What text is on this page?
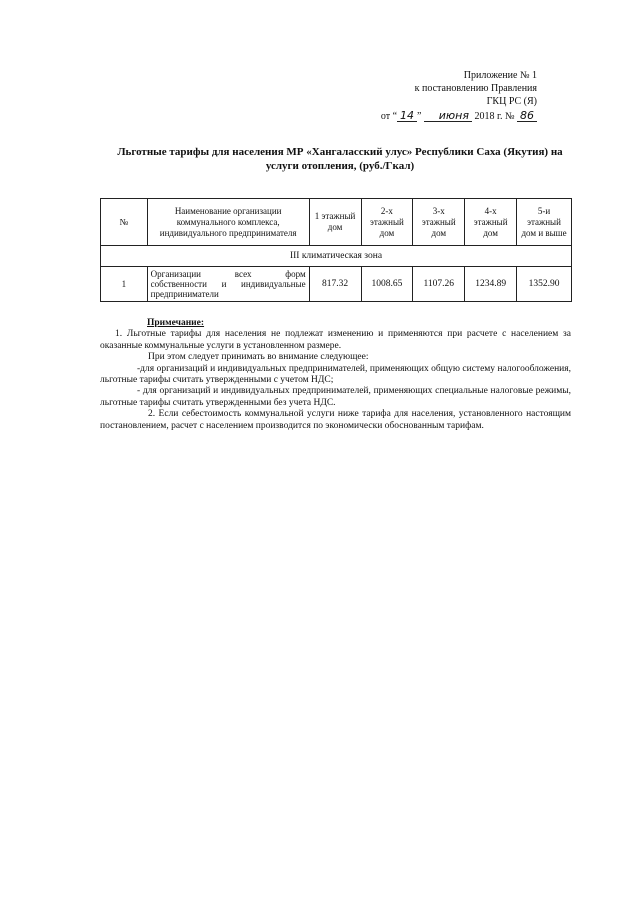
Приложение № 1
к постановлению Правления
ГКЦ РС (Я)
от “ 14 ” июня 2018 г. № 86
Льготные тарифы для населения МР «Хангаласский улус» Республики Саха (Якутия) на
услуги отопления, (руб./Гкал)
№	Наименование организации коммунального комплекса, индивидуального предпринимателя	1 этажный дом	2-х этажный дом	3-х этажный дом	4-х этажный дом	5-и этажный дом и выше
III климатическая зона						
1	Организации всех форм
собственности и индивидуальные
предприниматели	817.32	1008.65	1107.26	1234.89	1352.90

Примечание:

1. Льготные тарифы для населения не подлежат изменению и применяются при расчете с населением за оказанные коммунальные услуги в установленном размере.

При этом следует принимать во внимание следующее:

-для организаций и индивидуальных предпринимателей, применяющих общую систему налогообложения, льготные тарифы считать утвержденными с учетом НДС;

- для организаций и индивидуальных предпринимателей, применяющих специальные налоговые режимы, льготные тарифы считать утвержденными без учета НДС.

2. Если себестоимость коммунальной услуги ниже тарифа для населения, установленного настоящим постановлением, расчет с населением производится по экономически обоснованным тарифам.
